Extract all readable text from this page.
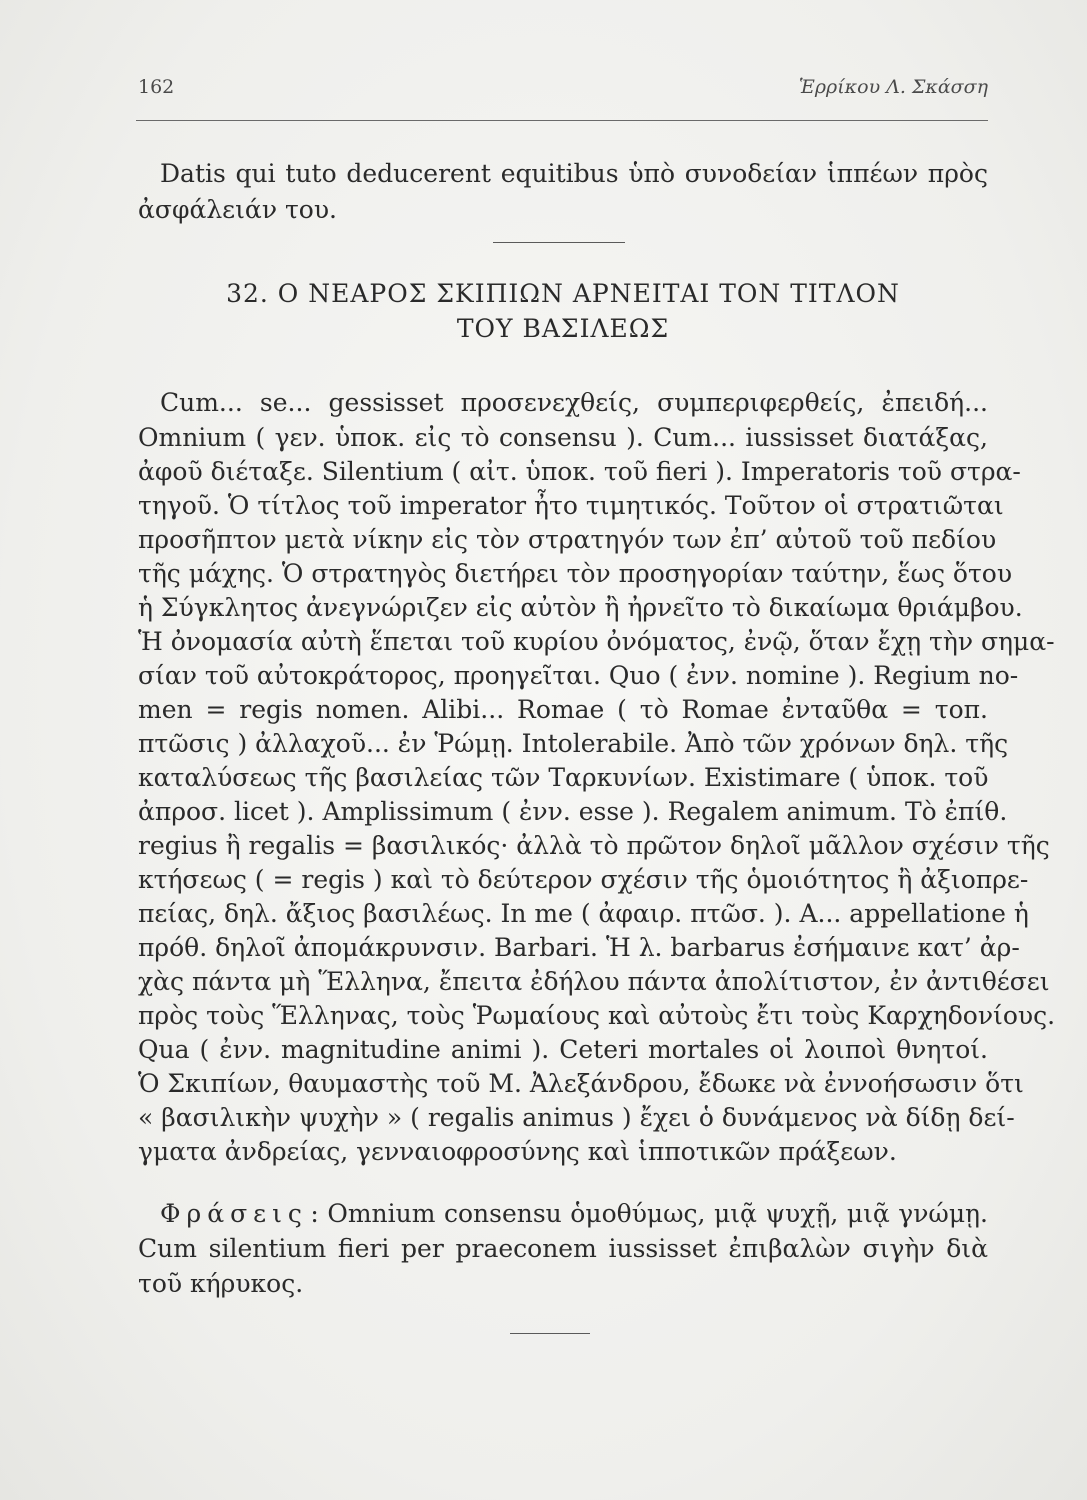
162	Ἑρρίκου Λ. Σκάσση
Datis qui tuto deducerent equitibus ὑπὸ συνοδείαν ἱππέων πρὸς
ἀσφάλειάν του.
32. Ο ΝΕΑΡΟΣ ΣΚΙΠΙΩΝ ΑΡΝΕΙΤΑΙ ΤΟΝ ΤΙΤΛΟΝ
ΤΟΥ ΒΑΣΙΛΕΩΣ
Cum... se... gessisset προσενεχθείς, συμπεριφερθείς, ἐπειδή...
Omnium ( γεν. ὑποκ. εἰς τὸ consensu ). Cum... iussisset διατάξας,
ἀφοῦ διέταξε. Silentium ( αἰτ. ὑποκ. τοῦ fieri ). Imperatoris τοῦ στρα-
τηγοῦ. Ὁ τίτλος τοῦ imperator ἦτο τιμητικός. Τοῦτον οἱ στρατιῶται
προσῆπτον μετὰ νίκην εἰς τὸν στρατηγόν των ἐπ’ αὐτοῦ τοῦ πεδίου
τῆς μάχης. Ὁ στρατηγὸς διετήρει τὸν προσηγορίαν ταύτην, ἕως ὅτου
ἡ Σύγκλητος ἀνεγνώριζεν εἰς αὐτὸν ἢ ἠρνεῖτο τὸ δικαίωμα θριάμβου.
Ἡ ὀνομασία αὐτὴ ἕπεται τοῦ κυρίου ὀνόματος, ἐνῷ, ὅταν ἔχῃ τὴν σημα-
σίαν τοῦ αὐτοκράτορος, προηγεῖται. Quo ( ἐνν. nomine ). Regium no-
men = regis nomen. Alibi... Romae ( τὸ Romae ἐνταῦθα = τοπ.
πτῶσις ) ἀλλαχοῦ... ἐν Ῥώμῃ. Intolerabile. Ἀπὸ τῶν χρόνων δηλ. τῆς
καταλύσεως τῆς βασιλείας τῶν Ταρκυνίων. Existimare ( ὑποκ. τοῦ
ἀπροσ. licet ). Amplissimum ( ἐνν. esse ). Regalem animum. Τὸ ἐπίθ.
regius ἢ regalis = βασιλικός· ἀλλὰ τὸ πρῶτον δηλοῖ μᾶλλον σχέσιν τῆς
κτήσεως ( = regis ) καὶ τὸ δεύτερον σχέσιν τῆς ὁμοιότητος ἢ ἀξιοπρε-
πείας, δηλ. ἄξιος βασιλέως. In me ( ἀφαιρ. πτῶσ. ). A... appellatione ἡ
πρόθ. δηλοῖ ἀπομάκρυνσιν. Barbari. Ἡ λ. barbarus ἐσήμαινε κατ’ ἀρ-
χὰς πάντα μὴ Ἕλληνα, ἔπειτα ἐδήλου πάντα ἀπολίτιστον, ἐν ἀντιθέσει
πρὸς τοὺς Ἕλληνας, τοὺς Ῥωμαίους καὶ αὐτοὺς ἔτι τοὺς Καρχηδονίους.
Qua ( ἐνν. magnitudine animi ). Ceteri mortales οἱ λοιποὶ θνητοί.
Ὁ Σκιπίων, θαυμαστὴς τοῦ Μ. Ἀλεξάνδρου, ἔδωκε νὰ ἐννοήσωσιν ὅτι
« βασιλικὴν ψυχὴν » ( regalis animus ) ἔχει ὁ δυνάμενος νὰ δίδῃ δεί-
γματα ἀνδρείας, γενναιοφροσύνης καὶ ἱπποτικῶν πράξεων.
Φράσεις : Omnium consensu ὁμοθύμως, μιᾷ ψυχῇ, μιᾷ γνώμῃ.
Cum silentium fieri per praeconem iussisset ἐπιβαλὼν σιγὴν διὰ
τοῦ κήρυκος.
